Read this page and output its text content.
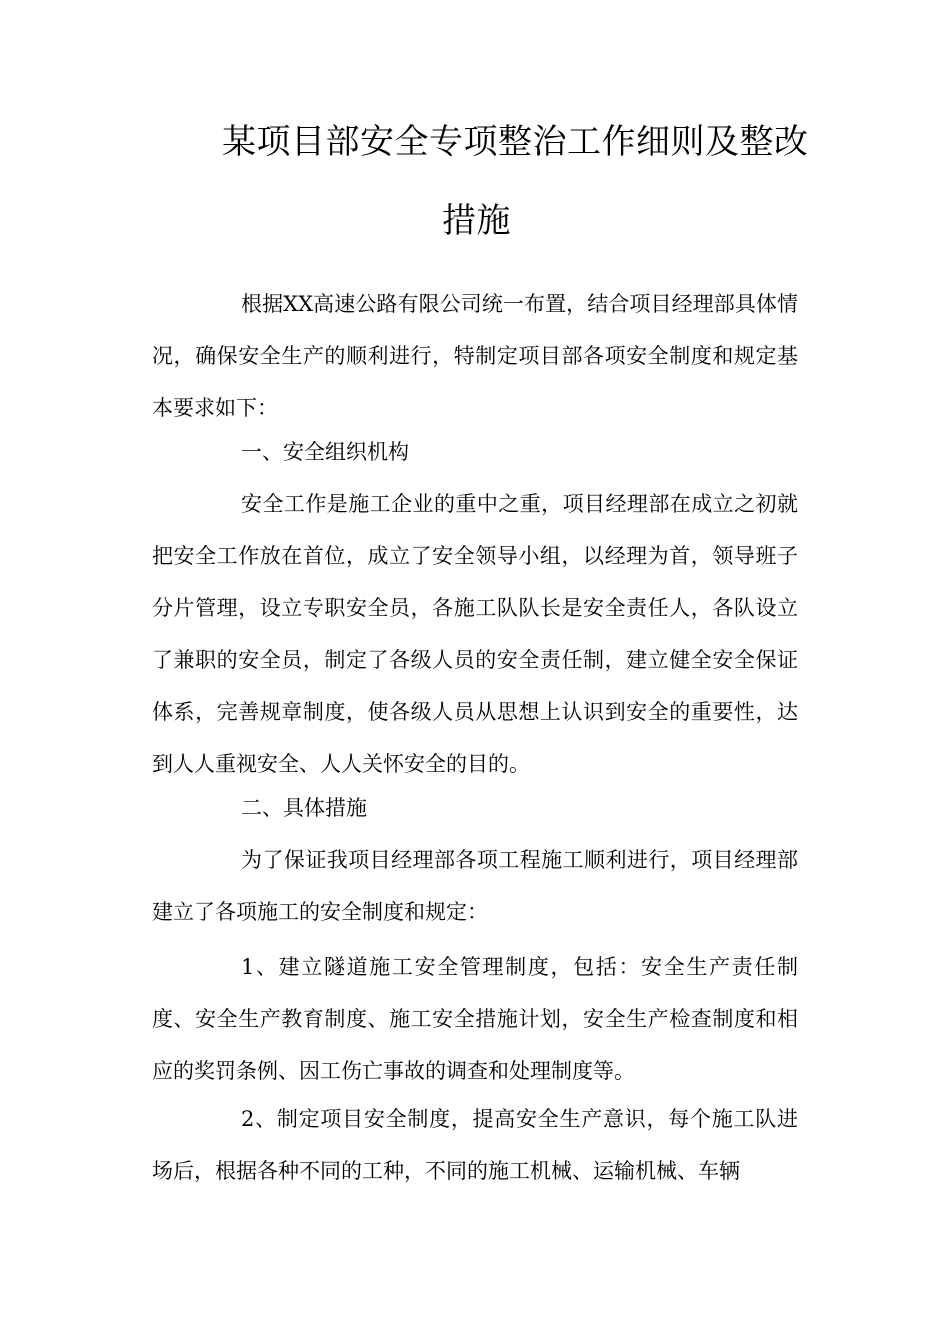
某项目部安全专项整治工作细则及整改
措施

根据XX高速公路有限公司统一布置，结合项目经理部具体情况，确保安全生产的顺利进行，特制定项目部各项安全制度和规定基本要求如下：

一、安全组织机构

安全工作是施工企业的重中之重，项目经理部在成立之初就把安全工作放在首位，成立了安全领导小组，以经理为首，领导班子分片管理，设立专职安全员，各施工队队长是安全责任人，各队设立了兼职的安全员，制定了各级人员的安全责任制，建立健全安全保证体系，完善规章制度，使各级人员从思想上认识到安全的重要性，达到人人重视安全、人人关怀安全的目的。

二、具体措施

为了保证我项目经理部各项工程施工顺利进行，项目经理部建立了各项施工的安全制度和规定：

1、建立隧道施工安全管理制度，包括：安全生产责任制度、安全生产教育制度、施工安全措施计划，安全生产检查制度和相应的奖罚条例、因工伤亡事故的调查和处理制度等。

2、制定项目安全制度，提高安全生产意识，每个施工队进场后，根据各种不同的工种，不同的施工机械、运输机械、车辆
